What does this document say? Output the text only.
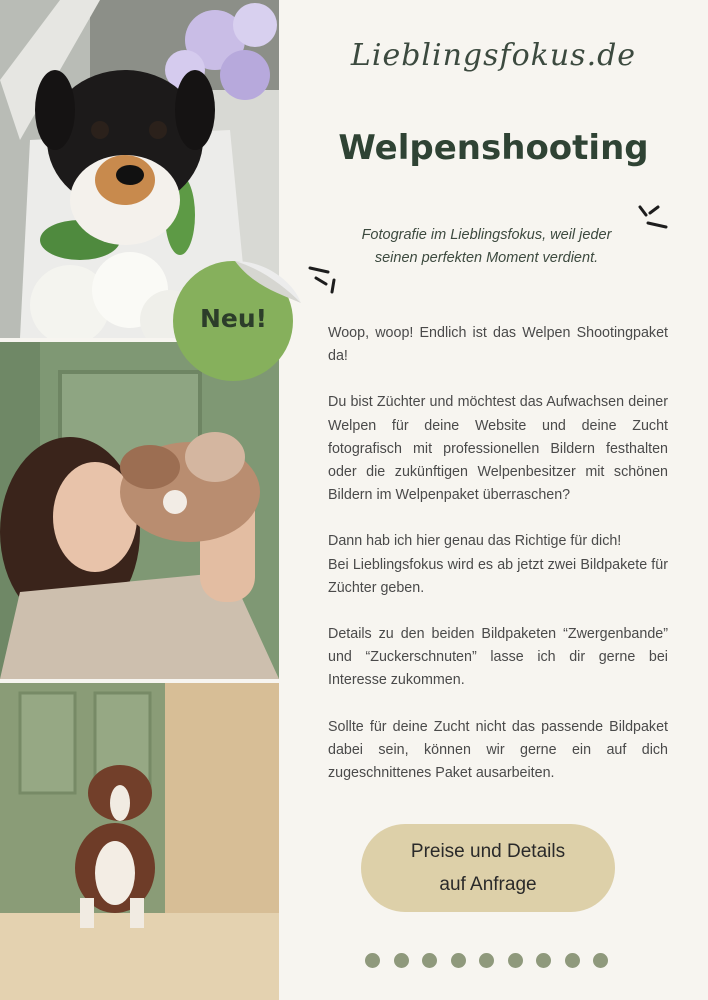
Neu!
Lieblingsfokus.de
Welpenshooting
Fotografie im Lieblingsfokus, weil jeder seinen perfekten Moment verdient.

Woop, woop! Endlich ist das Welpen Shootingpaket da!

Du bist Züchter und möchtest das Aufwachsen deiner Welpen für deine Website und deine Zucht fotografisch mit professionellen Bildern festhalten oder die zukünftigen Welpenbesitzer mit schönen Bildern im Welpenpaket überraschen?

Dann hab ich hier genau das Richtige für dich!

Bei Lieblingsfokus wird es ab jetzt zwei Bildpakete für Züchter geben.

Details zu den beiden Bildpaketen “Zwergenbande” und “Zuckerschnuten” lasse ich dir gerne bei Interesse zukommen.

Sollte für deine Zucht nicht das passende Bildpaket dabei sein, können wir gerne ein auf dich zugeschnittenes Paket ausarbeiten.

Preise und Details
auf Anfrage
